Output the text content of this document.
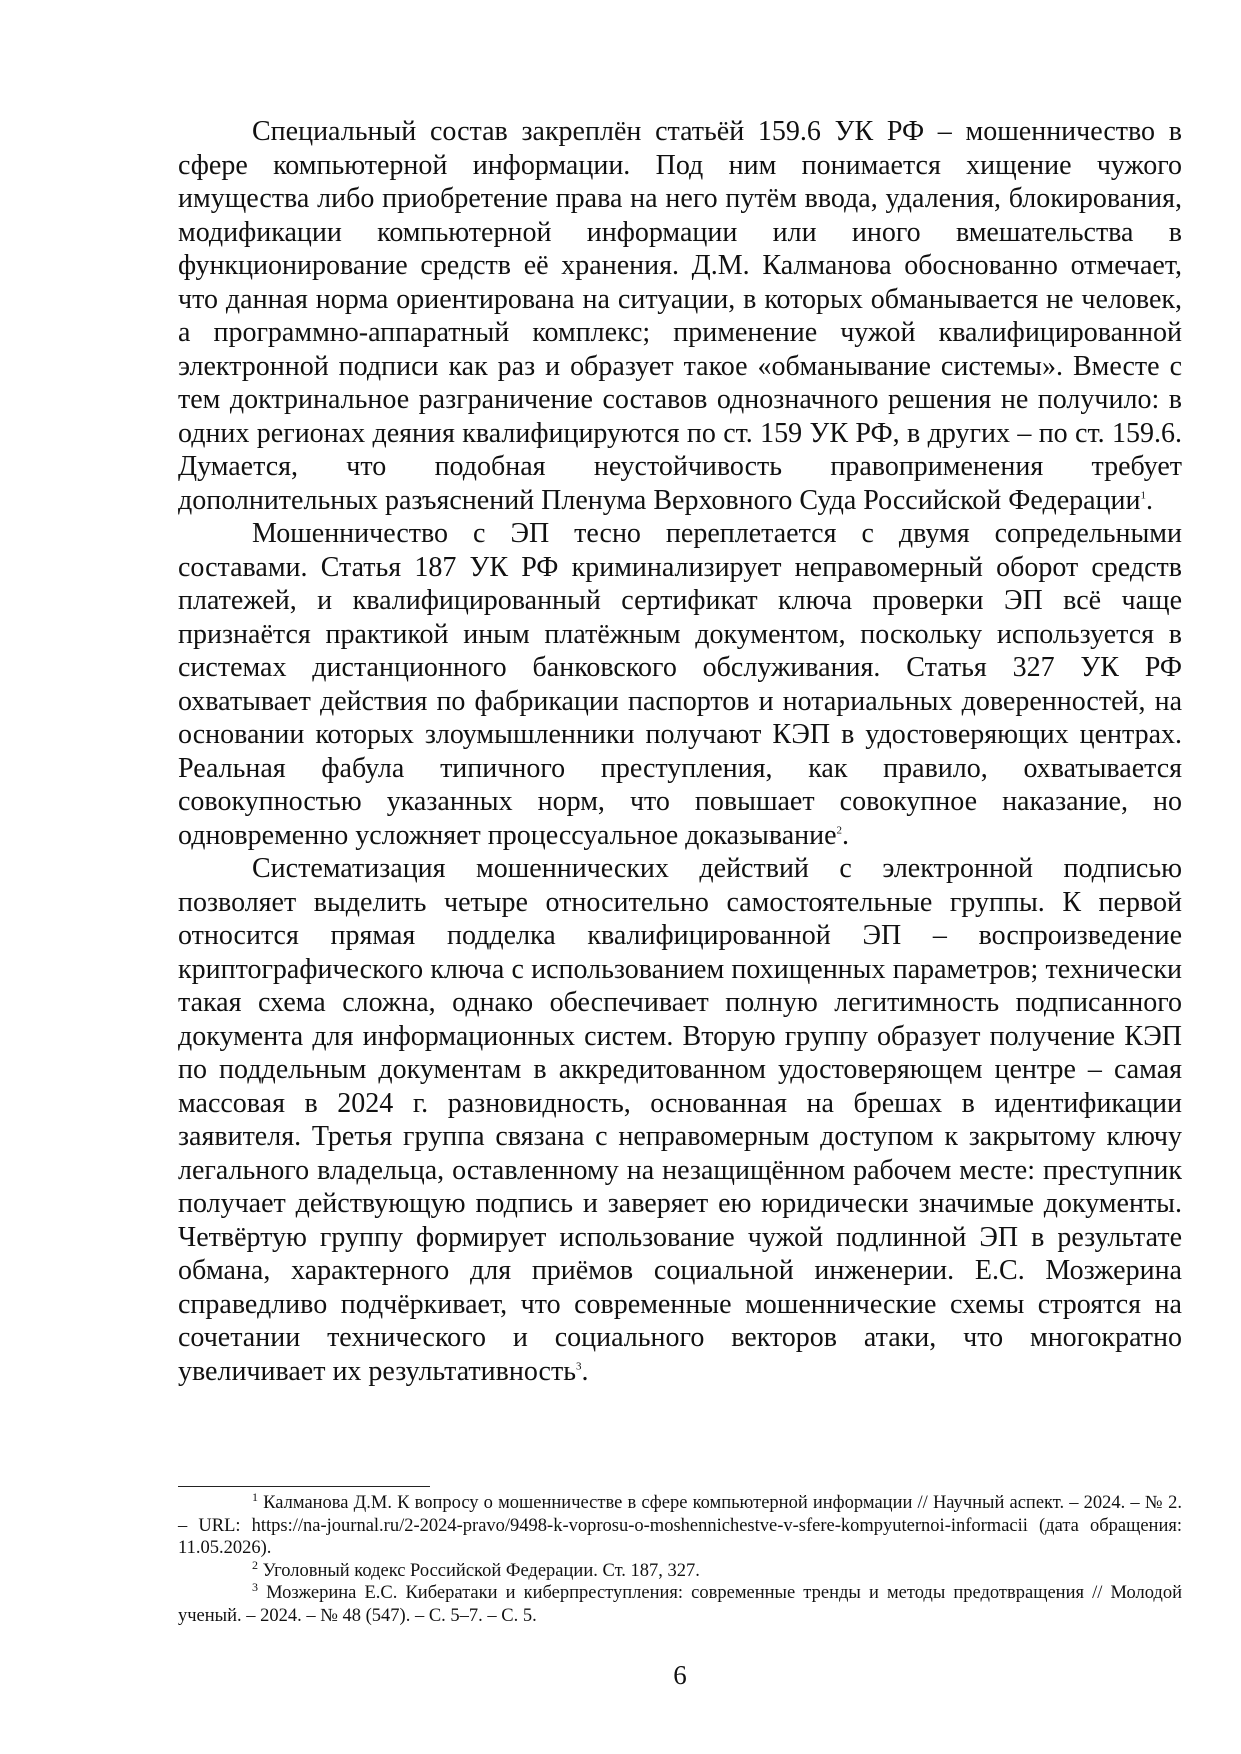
Специальный состав закреплён статьёй 159.6 УК РФ – мошенничество в сфере компьютерной информации. Под ним понимается хищение чужого имущества либо приобретение права на него путём ввода, удаления, блокирования, модификации компьютерной информации или иного вмешательства в функционирование средств её хранения. Д.М. Калманова обоснованно отмечает, что данная норма ориентирована на ситуации, в которых обманывается не человек, а программно-аппаратный комплекс; применение чужой квалифицированной электронной подписи как раз и образует такое «обманывание системы». Вместе с тем доктринальное разграничение составов однозначного решения не получило: в одних регионах деяния квалифицируются по ст. 159 УК РФ, в других – по ст. 159.6. Думается, что подобная неустойчивость правоприменения требует дополнительных разъяснений Пленума Верховного Суда Российской Федерации$^1$.

Мошенничество с ЭП тесно переплетается с двумя сопредельными составами. Статья 187 УК РФ криминализирует неправомерный оборот средств платежей, и квалифицированный сертификат ключа проверки ЭП всё чаще признаётся практикой иным платёжным документом, поскольку используется в системах дистанционного банковского обслуживания. Статья 327 УК РФ охватывает действия по фабрикации паспортов и нотариальных доверенностей, на основании которых злоумышленники получают КЭП в удостоверяющих центрах. Реальная фабула типичного преступления, как правило, охватывается совокупностью указанных норм, что повышает совокупное наказание, но одновременно усложняет процессуальное доказывание$^2$.

Систематизация мошеннических действий с электронной подписью позволяет выделить четыре относительно самостоятельные группы. К первой относится прямая подделка квалифицированной ЭП – воспроизведение криптографического ключа с использованием похищенных параметров; технически такая схема сложна, однако обеспечивает полную легитимность подписанного документа для информационных систем. Вторую группу образует получение КЭП по поддельным документам в аккредитованном удостоверяющем центре – самая массовая в 2024 г. разновидность, основанная на брешах в идентификации заявителя. Третья группа связана с неправомерным доступом к закрытому ключу легального владельца, оставленному на незащищённом рабочем месте: преступник получает действующую подпись и заверяет ею юридически значимые документы. Четвёртую группу формирует использование чужой подлинной ЭП в результате обмана, характерного для приёмов социальной инженерии. Е.С. Мозжерина справедливо подчёркивает, что современные мошеннические схемы строятся на сочетании технического и социального векторов атаки, что многократно увеличивает их результативность$^3$.

$^1$ Калманова Д.М. К вопросу о мошенничестве в сфере компьютерной информации // Научный аспект. – 2024. – № 2. – URL: https://na-journal.ru/2-2024-pravo/9498-k-voprosu-o-moshennichestve-v-sfere-kompyuternoi-informacii (дата обращения: 11.05.2026).

$^2$ Уголовный кодекс Российской Федерации. Ст. 187, 327.

$^3$ Мозжерина Е.С. Кибератаки и киберпреступления: современные тренды и методы предотвращения // Молодой ученый. – 2024. – № 48 (547). – С. 5–7. – С. 5.

6
